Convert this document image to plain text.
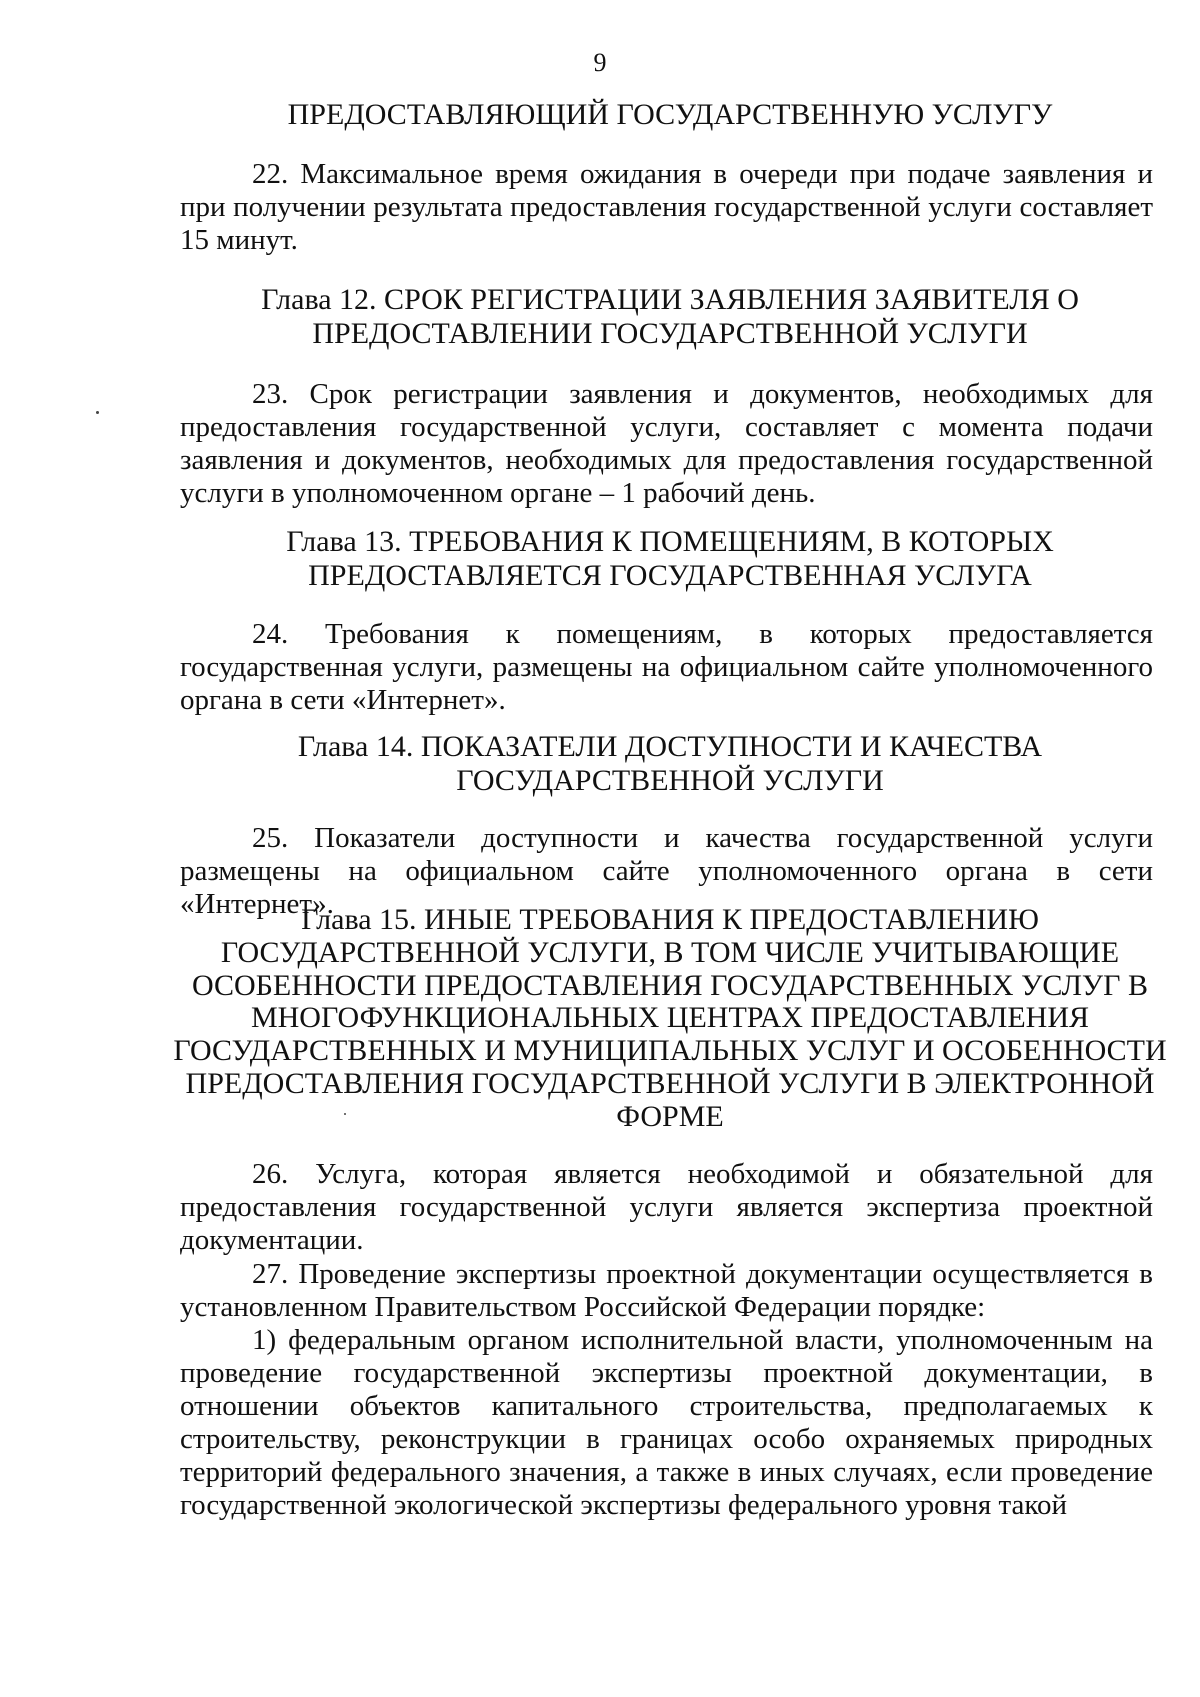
9
ПРЕДОСТАВЛЯЮЩИЙ ГОСУДАРСТВЕННУЮ УСЛУГУ
22. Максимальное время ожидания в очереди при подаче заявления и при получении результата предоставления государственной услуги составляет 15 минут.
Глава 12. СРОК РЕГИСТРАЦИИ ЗАЯВЛЕНИЯ ЗАЯВИТЕЛЯ О
ПРЕДОСТАВЛЕНИИ ГОСУДАРСТВЕННОЙ УСЛУГИ
23. Срок регистрации заявления и документов, необходимых для предоставления государственной услуги, составляет с момента подачи заявления и документов, необходимых для предоставления государственной услуги в уполномоченном органе – 1 рабочий день.
Глава 13. ТРЕБОВАНИЯ К ПОМЕЩЕНИЯМ, В КОТОРЫХ
ПРЕДОСТАВЛЯЕТСЯ ГОСУДАРСТВЕННАЯ УСЛУГА
24. Требования к помещениям, в которых предоставляется государственная услуги, размещены на официальном сайте уполномоченного органа в сети «Интернет».
Глава 14. ПОКАЗАТЕЛИ ДОСТУПНОСТИ И КАЧЕСТВА
ГОСУДАРСТВЕННОЙ УСЛУГИ
25. Показатели доступности и качества государственной услуги размещены на официальном сайте уполномоченного органа в сети «Интернет».
Глава 15. ИНЫЕ ТРЕБОВАНИЯ К ПРЕДОСТАВЛЕНИЮ
ГОСУДАРСТВЕННОЙ УСЛУГИ, В ТОМ ЧИСЛЕ УЧИТЫВАЮЩИЕ
ОСОБЕННОСТИ ПРЕДОСТАВЛЕНИЯ ГОСУДАРСТВЕННЫХ УСЛУГ В
МНОГОФУНКЦИОНАЛЬНЫХ ЦЕНТРАХ ПРЕДОСТАВЛЕНИЯ
ГОСУДАРСТВЕННЫХ И МУНИЦИПАЛЬНЫХ УСЛУГ И ОСОБЕННОСТИ
ПРЕДОСТАВЛЕНИЯ ГОСУДАРСТВЕННОЙ УСЛУГИ В ЭЛЕКТРОННОЙ
ФОРМЕ
26. Услуга, которая является необходимой и обязательной для предоставления государственной услуги является экспертиза проектной документации.
27. Проведение экспертизы проектной документации осуществляется в установленном Правительством Российской Федерации порядке:
1) федеральным органом исполнительной власти, уполномоченным на проведение государственной экспертизы проектной документации, в отношении объектов капитального строительства, предполагаемых к строительству, реконструкции в границах особо охраняемых природных территорий федерального значения, а также в иных случаях, если проведение государственной экологической экспертизы федерального уровня такой
